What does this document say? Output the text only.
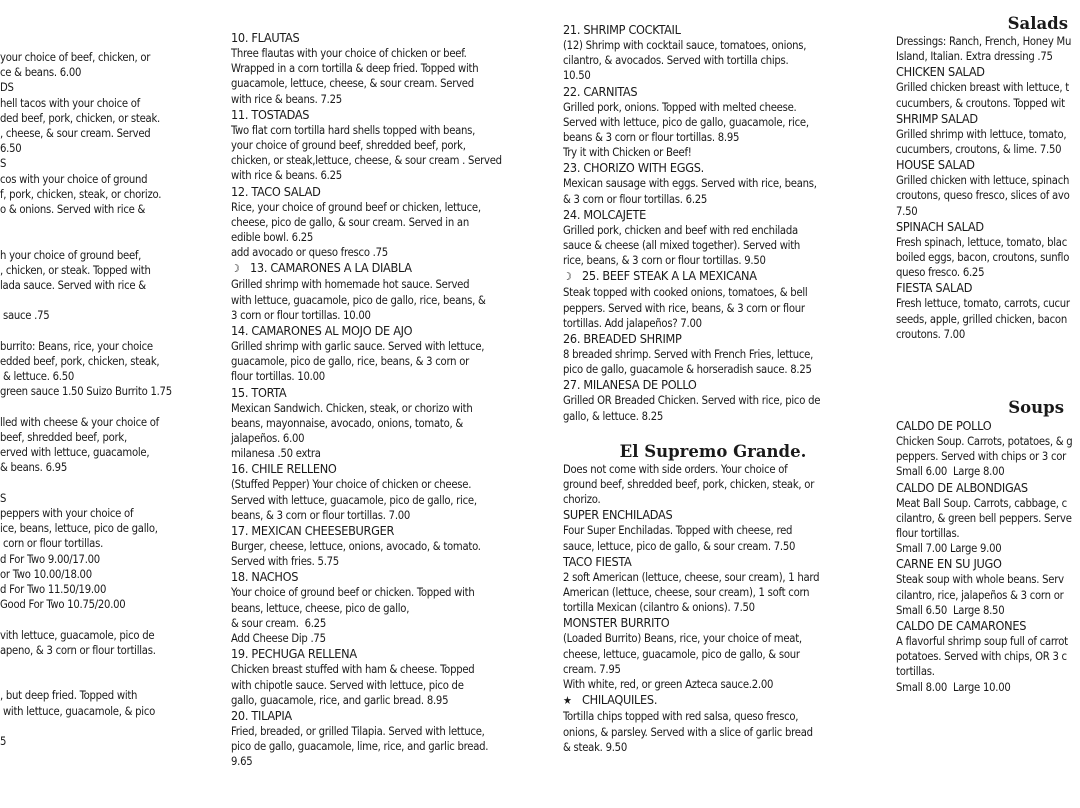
your choice of beef, chicken, or

ce & beans. 6.00

DS

hell tacos with your choice of

ded beef, pork, chicken, or steak.

, cheese, & sour cream. Served

6.50

S

cos with your choice of ground

f, pork, chicken, steak, or chorizo.

o & onions. Served with rice &

h your choice of ground beef,

, chicken, or steak. Topped with

lada sauce. Served with rice &

sauce .75

burrito: Beans, rice, your choice

edded beef, pork, chicken, steak,

& lettuce. 6.50

green sauce 1.50 Suizo Burrito 1.75

lled with cheese & your choice of

beef, shredded beef, pork,

erved with lettuce, guacamole,

& beans. 6.95

S

peppers with your choice of

ice, beans, lettuce, pico de gallo,

corn or flour tortillas.

d For Two 9.00/17.00

or Two 10.00/18.00

d For Two 11.50/19.00

Good For Two 10.75/20.00

vith lettuce, guacamole, pico de

apeno, & 3 corn or flour tortillas.

, but deep fried. Topped with

with lettuce, guacamole, & pico

5

10. FLAUTAS

Three flautas with your choice of chicken or beef.

Wrapped in a corn tortilla & deep fried. Topped with

guacamole, lettuce, cheese, & sour cream. Served

with rice & beans. 7.25

11. TOSTADAS

Two flat corn tortilla hard shells topped with beans,

your choice of ground beef, shredded beef, pork,

chicken, or steak,lettuce, cheese, & sour cream . Served

with rice & beans. 6.25

12. TACO SALAD

Rice, your choice of ground beef or chicken, lettuce,

cheese, pico de gallo, & sour cream. Served in an

edible bowl. 6.25

add avocado or queso fresco .75

☽ 13. CAMARONES A LA DIABLA

Grilled shrimp with homemade hot sauce. Served

with lettuce, guacamole, pico de gallo, rice, beans, &

3 corn or flour tortillas. 10.00

14. CAMARONES AL MOJO DE AJO

Grilled shrimp with garlic sauce. Served with lettuce,

guacamole, pico de gallo, rice, beans, & 3 corn or

flour tortillas. 10.00

15. TORTA

Mexican Sandwich. Chicken, steak, or chorizo with

beans, mayonnaise, avocado, onions, tomato, &

jalapeños. 6.00

milanesa .50 extra

16. CHILE RELLENO

(Stuffed Pepper) Your choice of chicken or cheese.

Served with lettuce, guacamole, pico de gallo, rice,

beans, & 3 corn or flour tortillas. 7.00

17. MEXICAN CHEESEBURGER

Burger, cheese, lettuce, onions, avocado, & tomato.

Served with fries. 5.75

18. NACHOS

Your choice of ground beef or chicken. Topped with

beans, lettuce, cheese, pico de gallo,

& sour cream.  6.25

Add Cheese Dip .75

19. PECHUGA RELLENA

Chicken breast stuffed with ham & cheese. Topped

with chipotle sauce. Served with lettuce, pico de

gallo, guacamole, rice, and garlic bread. 8.95

20. TILAPIA

Fried, breaded, or grilled Tilapia. Served with lettuce,

pico de gallo, guacamole, lime, rice, and garlic bread.

9.65

21. SHRIMP COCKTAIL

(12) Shrimp with cocktail sauce, tomatoes, onions,

cilantro, & avocados. Served with tortilla chips.

10.50

22. CARNITAS

Grilled pork, onions. Topped with melted cheese.

Served with lettuce, pico de gallo, guacamole, rice,

beans & 3 corn or flour tortillas. 8.95

Try it with Chicken or Beef!

23. CHORIZO WITH EGGS.

Mexican sausage with eggs. Served with rice, beans,

& 3 corn or flour tortillas. 6.25

24. MOLCAJETE

Grilled pork, chicken and beef with red enchilada

sauce & cheese (all mixed together). Served with

rice, beans, & 3 corn or flour tortillas. 9.50

☽ 25. BEEF STEAK A LA MEXICANA

Steak topped with cooked onions, tomatoes, & bell

peppers. Served with rice, beans, & 3 corn or flour

tortillas. Add jalapeños? 7.00

26. BREADED SHRIMP

8 breaded shrimp. Served with French Fries, lettuce,

pico de gallo, guacamole & horseradish sauce. 8.25

27. MILANESA DE POLLO

Grilled OR Breaded Chicken. Served with rice, pico de

gallo, & lettuce. 8.25

El Supremo Grande.

Does not come with side orders. Your choice of

ground beef, shredded beef, pork, chicken, steak, or

chorizo.

SUPER ENCHILADAS

Four Super Enchiladas. Topped with cheese, red

sauce, lettuce, pico de gallo, & sour cream. 7.50

TACO FIESTA

2 soft American (lettuce, cheese, sour cream), 1 hard

American (lettuce, cheese, sour cream), 1 soft corn

tortilla Mexican (cilantro & onions). 7.50

MONSTER BURRITO

(Loaded Burrito) Beans, rice, your choice of meat,

cheese, lettuce, guacamole, pico de gallo, & sour

cream. 7.95

With white, red, or green Azteca sauce.2.00

★ CHILAQUILES.

Tortilla chips topped with red salsa, queso fresco,

onions, & parsley. Served with a slice of garlic bread

& steak. 9.50

Salads

Dressings: Ranch, French, Honey Mu

Island, Italian. Extra dressing .75

CHICKEN SALAD

Grilled chicken breast with lettuce, t

cucumbers, & croutons. Topped wit

SHRIMP SALAD

Grilled shrimp with lettuce, tomato,

cucumbers, croutons, & lime. 7.50

HOUSE SALAD

Grilled chicken with lettuce, spinach

croutons, queso fresco, slices of avo

7.50

SPINACH SALAD

Fresh spinach, lettuce, tomato, blac

boiled eggs, bacon, croutons, sunflo

queso fresco. 6.25

FIESTA SALAD

Fresh lettuce, tomato, carrots, cucur

seeds, apple, grilled chicken, bacon

croutons. 7.00

Soups

CALDO DE POLLO

Chicken Soup. Carrots, potatoes, & g

peppers. Served with chips or 3 cor

Small 6.00  Large 8.00

CALDO DE ALBONDIGAS

Meat Ball Soup. Carrots, cabbage, c

cilantro, & green bell peppers. Serve

flour tortillas.

Small 7.00 Large 9.00

CARNE EN SU JUGO

Steak soup with whole beans. Serv

cilantro, rice, jalapeños & 3 corn or

Small 6.50  Large 8.50

CALDO DE CAMARONES

A flavorful shrimp soup full of carrot

potatoes. Served with chips, OR 3 c

tortillas.

Small 8.00  Large 10.00
